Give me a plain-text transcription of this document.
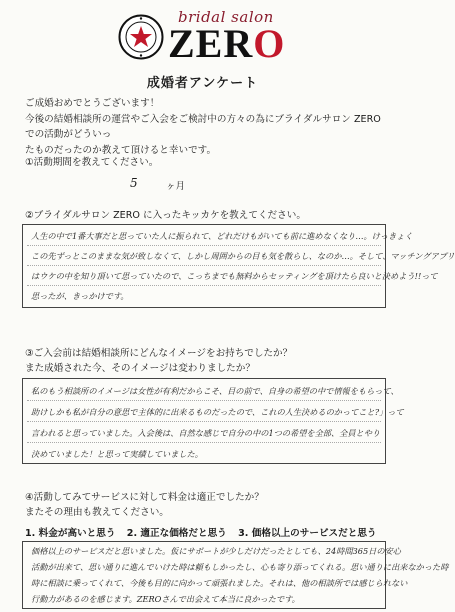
bridal salon
ZERO
成婚者アンケート
ご成婚おめでとうございます！
今後の結婚相談所の運営やご入会をご検討中の方々の為にブライダルサロン ZERO での活動がどういっ
たものだったのか教えて頂けると幸いです。
①活動期間を教えてください。
5	ヶ月
②ブライダルサロン ZERO に入ったキッカケを教えてください。
人生の中で1番大事だと思っていた人に振られて、どれだけもがいても前に進めなくなり…。けっきょく
この先ずっとこのままな気が致しなくて、しかし周囲からの目も気を散らし、なのか…。そして、マッチングアプリ
はウケの中を知り頂いて思っていたので、こっちまでも無料からセッティングを頂けたら良いと決めよう!!って
思ったが、きっかけです。
③ご入会前は結婚相談所にどんなイメージをお持ちでしたか？
また成婚された今、そのイメージは変わりましたか？
私のもう相談所のイメージは女性が有利だからこそ、目の前で、自身の希望の中で情報をもらって、
助けしかも私が自分の意思で主体的に出来るものだったので、これの人生決めるのかってこと?」って
言われると思っていました。入会後は、自然な感じで自分の中の1つの希望を全部、全員とやり
決めていました！と思って実績していました。
④活動してみてサービスに対して料金は適正でしたか？
またその理由も教えてください。
1. 料金が高いと思う 2. 適正な価格だと思う 3. 価格以上のサービスだと思う
価格以上のサービスだと思いました。仮にサポートが少しだけだったとしても、24時間365日の安心
活動が出来て、思い通りに進んでいけた時は頼もしかったし、心も寄り添ってくれる。思い通りに出来なかった時
時に相談に乗ってくれて、今後も目的に向かって頑張れました。それは、他の相談所では感じられない
行動力があるのを感じます。ZEROさんで出会えて本当に良かったです。
